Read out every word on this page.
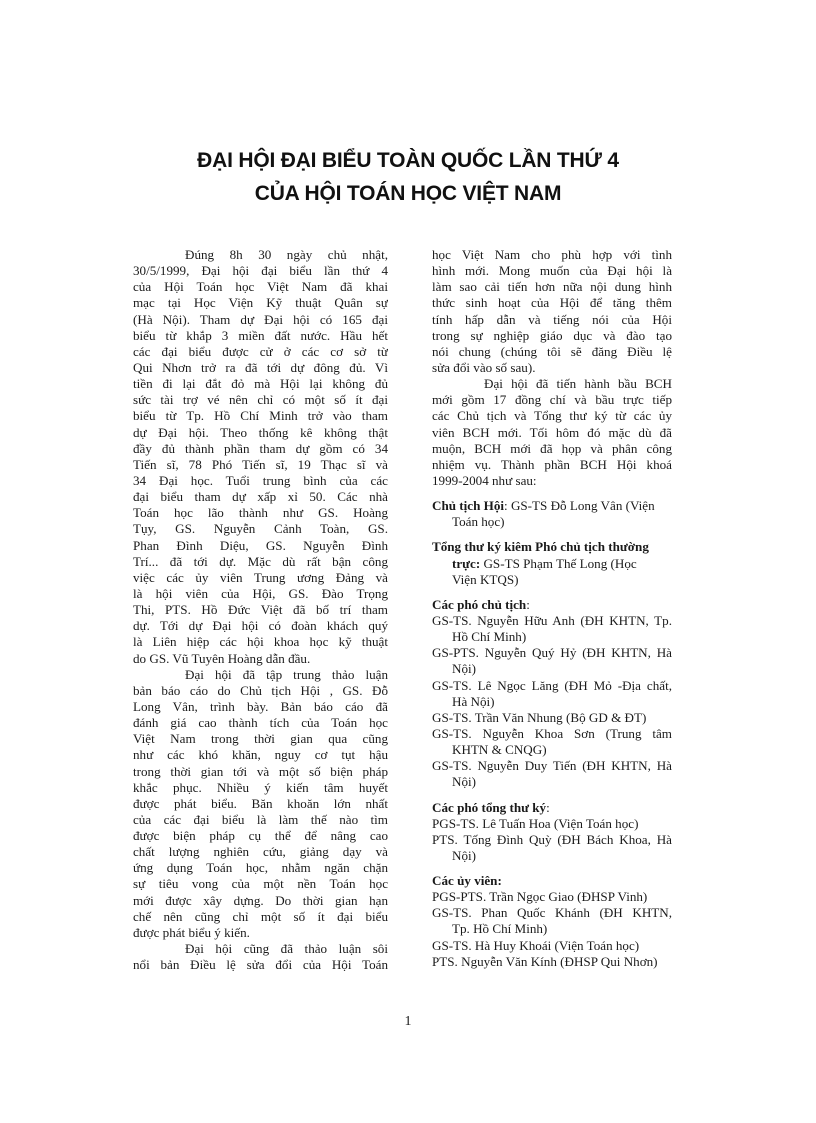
ĐẠI HỘI ĐẠI BIỂU TOÀN QUỐC LẦN THỨ 4
CỦA HỘI TOÁN HỌC VIỆT NAM
Đúng 8h 30 ngày chủ nhật,
30/5/1999, Đại hội đại biểu lần thứ 4
của Hội Toán học Việt Nam đã khai
mạc tại Học Viện Kỹ thuật Quân sự
(Hà Nội). Tham dự Đại hội có 165 đại
biểu từ khắp 3 miền đất nước. Hầu hết
các đại biểu được cử ở các cơ sở từ
Qui Nhơn trở ra đã tới dự đông đủ. Vì
tiền đi lại đắt đỏ mà Hội lại không đủ
sức tài trợ vé nên chỉ có một số ít đại
biểu từ Tp. Hồ Chí Minh trở vào tham
dự Đại hội. Theo thống kê không thật
đầy đủ thành phần tham dự gồm có 34
Tiến sĩ, 78 Phó Tiến sĩ, 19 Thạc sĩ và
34 Đại học. Tuổi trung bình của các
đại biểu tham dự xấp xỉ 50. Các nhà
Toán học lão thành như GS. Hoàng
Tụy, GS. Nguyễn Cảnh Toàn, GS.
Phan Đình Diệu, GS. Nguyễn Đình
Trí... đã tới dự. Mặc dù rất bận công
việc các ủy viên Trung ương Đảng và
là hội viên của Hội, GS. Đào Trọng
Thi, PTS. Hồ Đức Việt đã bố trí tham
dự. Tới dự Đại hội có đoàn khách quý
là Liên hiệp các hội khoa học kỹ thuật
do GS. Vũ Tuyên Hoàng dẫn đầu.
Đại hội đã tập trung thảo luận
bản báo cáo do Chủ tịch Hội , GS. Đỗ
Long Vân, trình bày. Bản báo cáo đã
đánh giá cao thành tích của Toán học
Việt Nam trong thời gian qua cũng
như các khó khăn, nguy cơ tụt hậu
trong thời gian tới và một số biện pháp
khắc phục. Nhiều ý kiến tâm huyết
được phát biểu. Băn khoăn lớn nhất
của các đại biểu là làm thế nào tìm
được biện pháp cụ thể để nâng cao
chất lượng nghiên cứu, giảng dạy và
ứng dụng Toán học, nhằm ngăn chặn
sự tiêu vong của một nền Toán học
mới được xây dựng. Do thời gian hạn
chế nên cũng chỉ một số ít đại biểu
được phát biểu ý kiến.
Đại hội cũng đã thảo luận sôi
nổi bản Điều lệ sửa đổi của Hội Toán
học Việt Nam cho phù hợp với tình
hình mới. Mong muốn của Đại hội là
làm sao cải tiến hơn nữa nội dung hình
thức sinh hoạt của Hội để tăng thêm
tính hấp dẫn và tiếng nói của Hội
trong sự nghiệp giáo dục và đào tạo
nói chung (chúng tôi sẽ đăng Điều lệ
sửa đổi vào số sau).
Đại hội đã tiến hành bầu BCH
mới gồm 17 đồng chí và bầu trực tiếp
các Chủ tịch và Tổng thư ký từ các ủy
viên BCH mới. Tối hôm đó mặc dù đã
muộn, BCH mới đã họp và phân công
nhiệm vụ. Thành phần BCH Hội khoá
1999-2004 như sau:
Chủ tịch Hội: GS-TS Đỗ Long Vân (Viện
Toán học)
Tổng thư ký kiêm Phó chủ tịch thường
trực: GS-TS Phạm Thế Long (Học
Viện KTQS)
Các phó chủ tịch:
GS-TS. Nguyễn Hữu Anh (ĐH KHTN, Tp.
Hồ Chí Minh)
GS-PTS. Nguyễn Quý Hỷ (ĐH KHTN, Hà
Nội)
GS-TS. Lê Ngọc Lăng (ĐH Mỏ -Địa chất,
Hà Nội)
GS-TS. Trần Văn Nhung (Bộ GD & ĐT)
GS-TS. Nguyễn Khoa Sơn (Trung tâm
KHTN & CNQG)
GS-TS. Nguyễn Duy Tiến (ĐH KHTN, Hà
Nội)
Các phó tổng thư ký:
PGS-TS. Lê Tuấn Hoa (Viện Toán học)
PTS. Tống Đình Quỳ (ĐH Bách Khoa, Hà
Nội)
Các ủy viên:
PGS-PTS. Trần Ngọc Giao (ĐHSP Vinh)
GS-TS. Phan Quốc Khánh (ĐH KHTN,
Tp. Hồ Chí Minh)
GS-TS. Hà Huy Khoái (Viện Toán học)
PTS. Nguyễn Văn Kính (ĐHSP Qui Nhơn)
1
